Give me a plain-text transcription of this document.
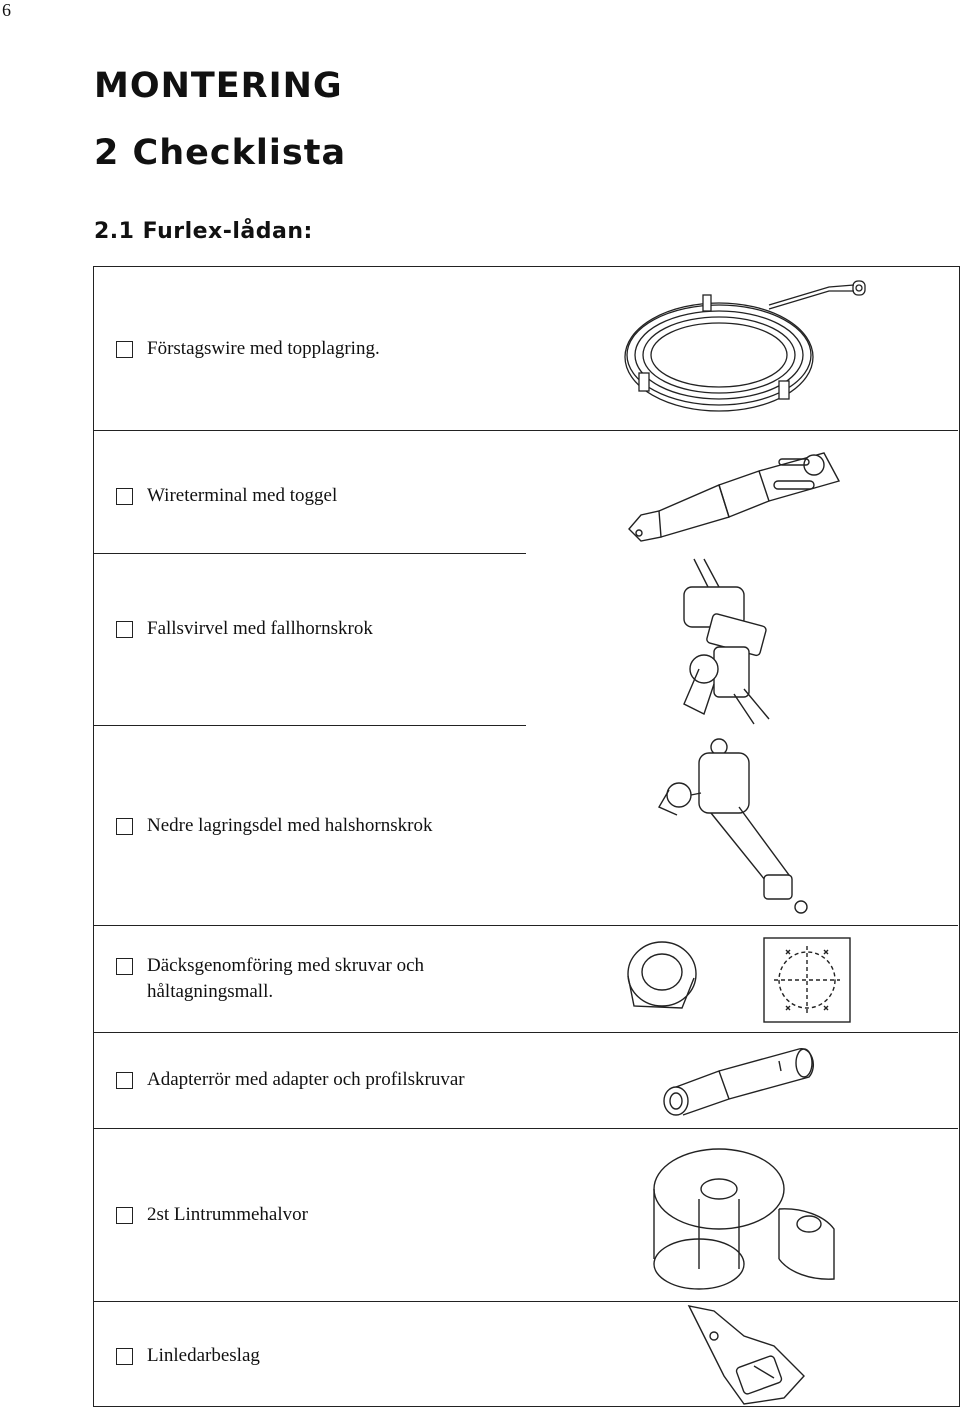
6
MONTERING
2 Checklista
2.1 Furlex-lådan:
Förstagswire med topplagring.
Wireterminal med toggel
Fallsvirvel med fallhornskrok
Nedre lagringsdel med halshornskrok
Däcksgenomföring med skruvar och
håltagningsmall.
Adapterrör med adapter och profilskruvar
2st Lintrummehalvor
Linledarbeslag
